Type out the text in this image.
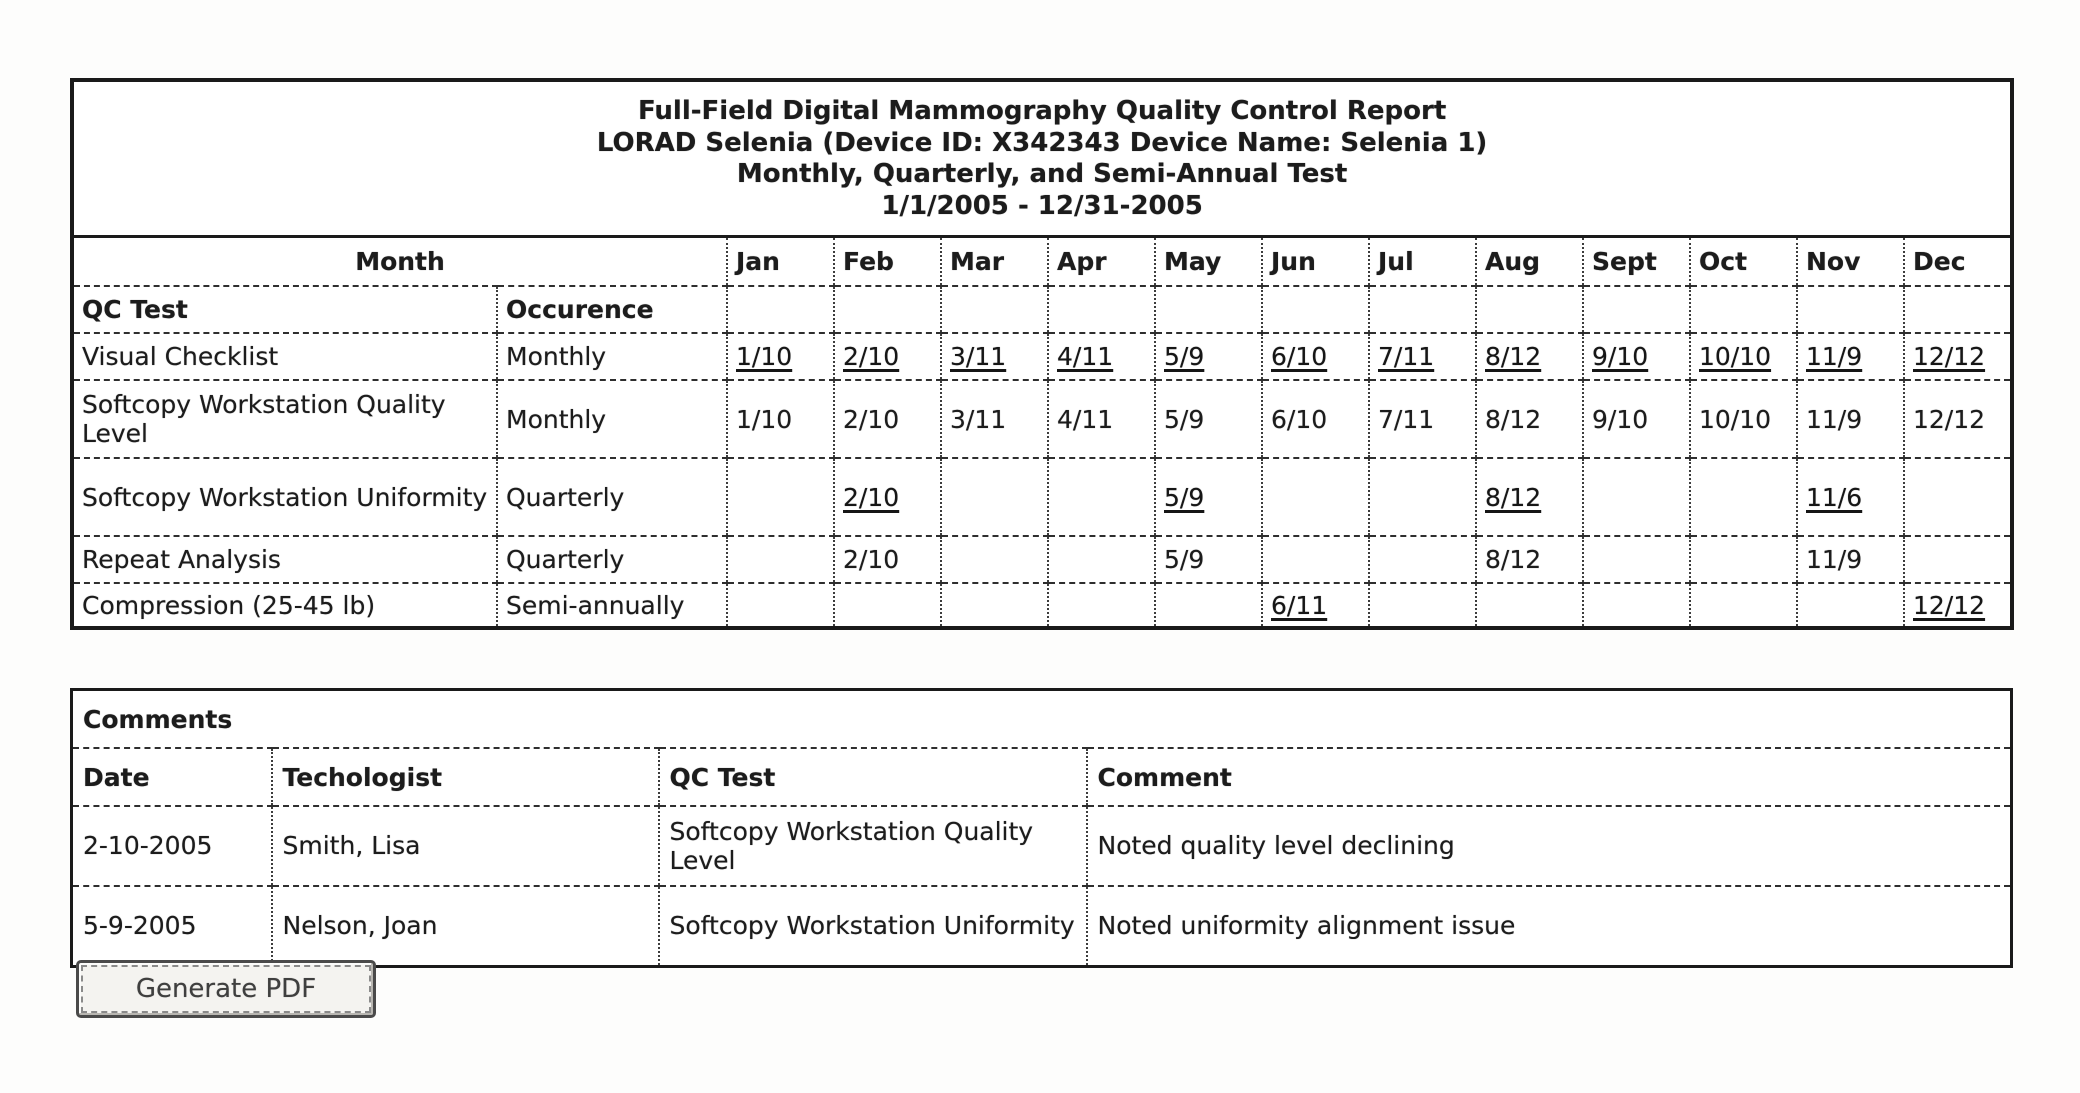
Full-Field Digital Mammography Quality Control Report
LORAD Selenia (Device ID: X342343 Device Name: Selenia 1)
Monthly, Quarterly, and Semi-Annual Test
1/1/2005 - 12/31-2005													

Month		Jan	Feb	Mar	Apr	May	Jun	Jul	Aug	Sept	Oct	Nov	Dec
QC Test	Occurence												
Visual Checklist	Monthly	1/10	2/10	3/11	4/11	5/9	6/10	7/11	8/12	9/10	10/10	11/9	12/12
Softcopy Workstation Quality Level	Monthly	1/10	2/10	3/11	4/11	5/9	6/10	7/11	8/12	9/10	10/10	11/9	12/12
Softcopy Workstation Uniformity	Quarterly		2/10			5/9			8/12			11/6	
Repeat Analysis	Quarterly		2/10			5/9			8/12			11/9	
Compression (25-45 lb)	Semi-annually						6/11						12/12
Comments			
Date	Techologist	QC Test	Comment
2-10-2005	Smith, Lisa	Softcopy Workstation Quality Level	Noted quality level declining
5-9-2005	Nelson, Joan	Softcopy Workstation Uniformity	Noted uniformity alignment issue
Generate PDF
